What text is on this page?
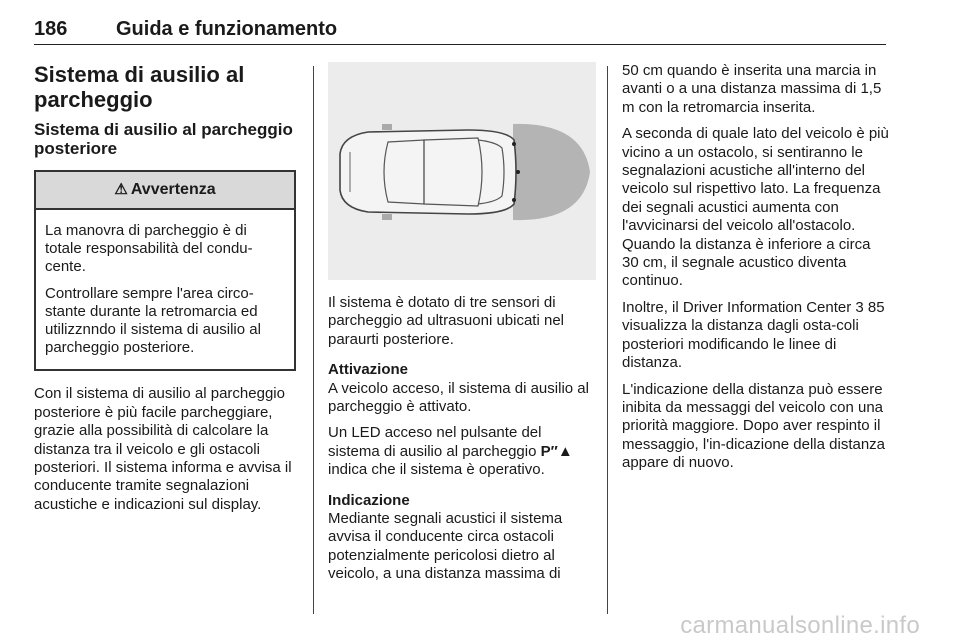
186 Guida e funzionamento
Sistema di ausilio al parcheggio
Sistema di ausilio al parcheggio posteriore
⚠ Avvertenza

La manovra di parcheggio è di totale responsabilità del condu-cente.

Controllare sempre l'area circo-stante durante la retromarcia ed utilizznndo il sistema di ausilio al parcheggio posteriore.

Con il sistema di ausilio al parcheggio posteriore è più facile parcheggiare, grazie alla possibilità di calcolare la distanza tra il veicolo e gli ostacoli posteriori. Il sistema informa e avvisa il conducente tramite segnalazioni acustiche e indicazioni sul display.

Il sistema è dotato di tre sensori di parcheggio ad ultrasuoni ubicati nel paraurti posteriore.

Attivazione
A veicolo acceso, il sistema di ausilio al parcheggio è attivato.

Un LED acceso nel pulsante del sistema di ausilio al parcheggio P″▲ indica che il sistema è operativo.

Indicazione
Mediante segnali acustici il sistema avvisa il conducente circa ostacoli potenzialmente pericolosi dietro al veicolo, a una distanza massima di

50 cm quando è inserita una marcia in avanti o a una distanza massima di 1,5 m con la retromarcia inserita.

A seconda di quale lato del veicolo è più vicino a un ostacolo, si sentiranno le segnalazioni acustiche all'interno del veicolo sul rispettivo lato. La frequenza dei segnali acustici aumenta con l'avvicinarsi del veicolo all'ostacolo. Quando la distanza è inferiore a circa 30 cm, il segnale acustico diventa continuo.

Inoltre, il Driver Information Center 3 85 visualizza la distanza dagli osta-coli posteriori modificando le linee di distanza.

L'indicazione della distanza può essere inibita da messaggi del veicolo con una priorità maggiore. Dopo aver respinto il messaggio, l'in-dicazione della distanza appare di nuovo.

carmanualsonline.info
